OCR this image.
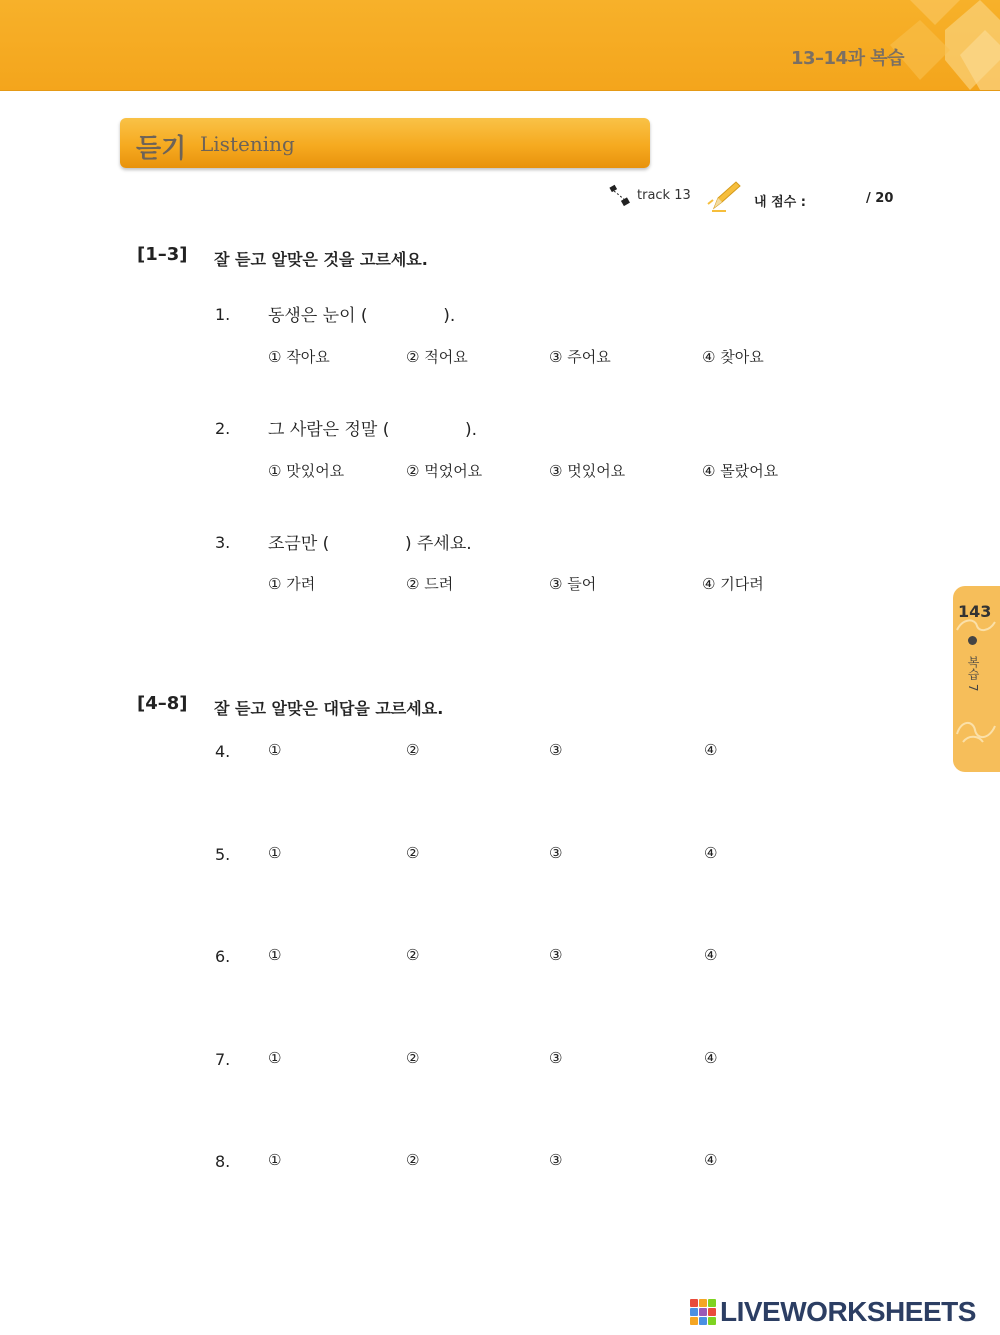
13–14과 복습
듣기 Listening
track 13	내 점수 :	/ 20
[1–3] 잘 듣고 알맞은 것을 고르세요.
1. 동생은 눈이 (              ).
① 작아요	② 적어요	③ 주어요	④ 찾아요
2. 그 사람은 정말 (              ).
① 맛있어요	② 먹었어요	③ 멋있어요	④ 몰랐어요
3. 조금만 (              ) 주세요.
① 가려	② 드려	③ 들어	④ 기다려
[4–8] 잘 듣고 알맞은 대답을 고르세요.
4.	①	②	③	④
5.	①	②	③	④
6.	①	②	③	④
7.	①	②	③	④
8.	①	②	③	④
143
복습 7
LIVEWORKSHEETS
